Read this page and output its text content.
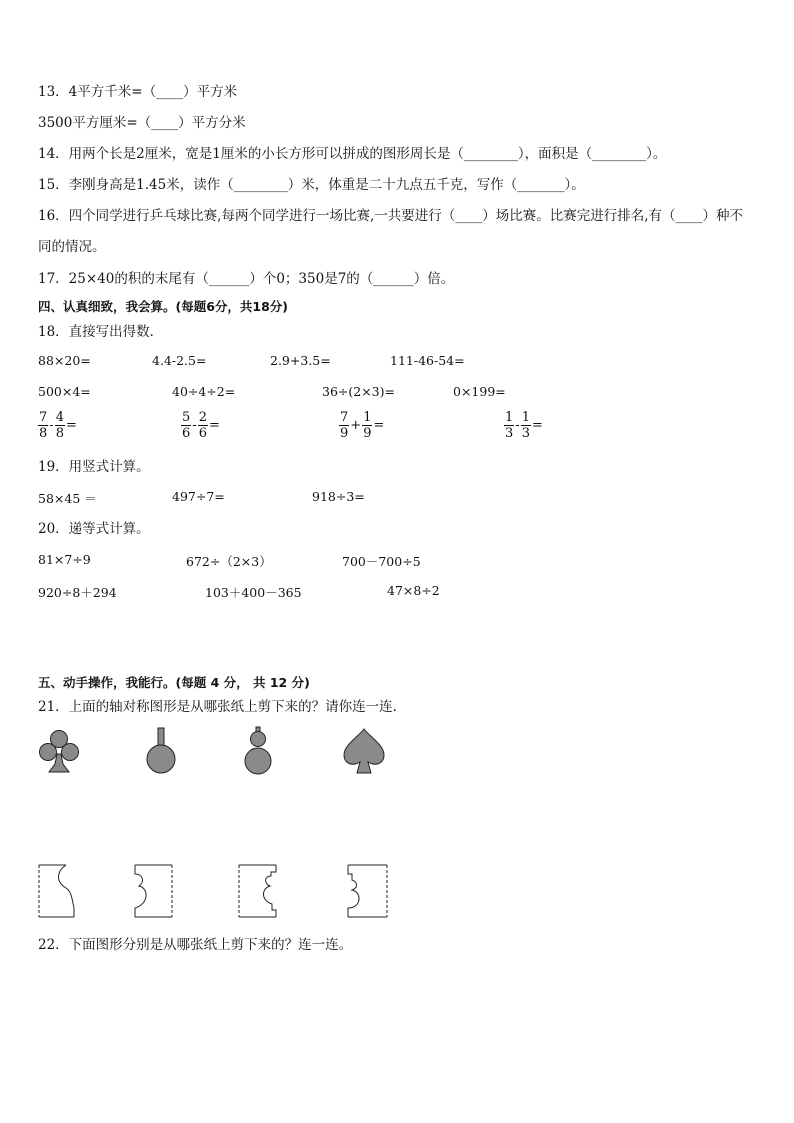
13．4平方千米=（____）平方米
3500平方厘米=（____）平方分米
14．用两个长是2厘米，宽是1厘米的小长方形可以拼成的图形周长是（________），面积是（________）。
15．李刚身高是1.45米，读作（________）米，体重是二十九点五千克，写作（_______）。
16．四个同学进行乒乓球比赛,每两个同学进行一场比赛,一共要进行（____）场比赛。比赛完进行排名,有（____）种不
同的情况。
17．25×40的积的末尾有（______）个0；350是7的（______）倍。
四、认真细致，我会算。(每题6分，共18分)
18．直接写出得数．
88×20=	4.4-2.5=	2.9+3.5=	111-46-54=
500×4=	40÷4÷2=	36÷(2×3)=	0×199=
$\frac{7}{8} - \frac{4}{8}$ =	$\frac{5}{6} - \frac{2}{6}$ =	$\frac{7}{9} + \frac{1}{9}$ =	$\frac{1}{3} - \frac{1}{3}$ =
19．用竖式计算。
58×45 ＝	497÷7=	918÷3=
20．递等式计算。
81×7÷9	672÷（2×3）	700－700÷5
920÷8＋294	103＋400－365	47×8÷2
五、动手操作，我能行。(每题 4 分， 共 12 分)
21．上面的轴对称图形是从哪张纸上剪下来的？请你连一连.
22．下面图形分别是从哪张纸上剪下来的？连一连。
